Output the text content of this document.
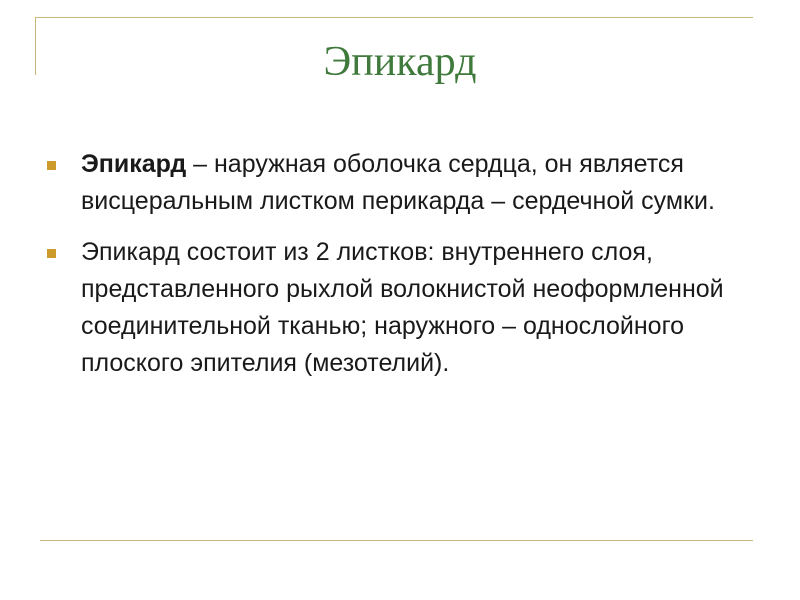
Эпикард
Эпикард – наружная оболочка сердца, он является висцеральным листком перикарда – сердечной сумки.
Эпикард состоит из 2 листков: внутреннего слоя, представленного рыхлой волокнистой неоформленной соединительной тканью; наружного – однослойного плоского эпителия (мезотелий).
